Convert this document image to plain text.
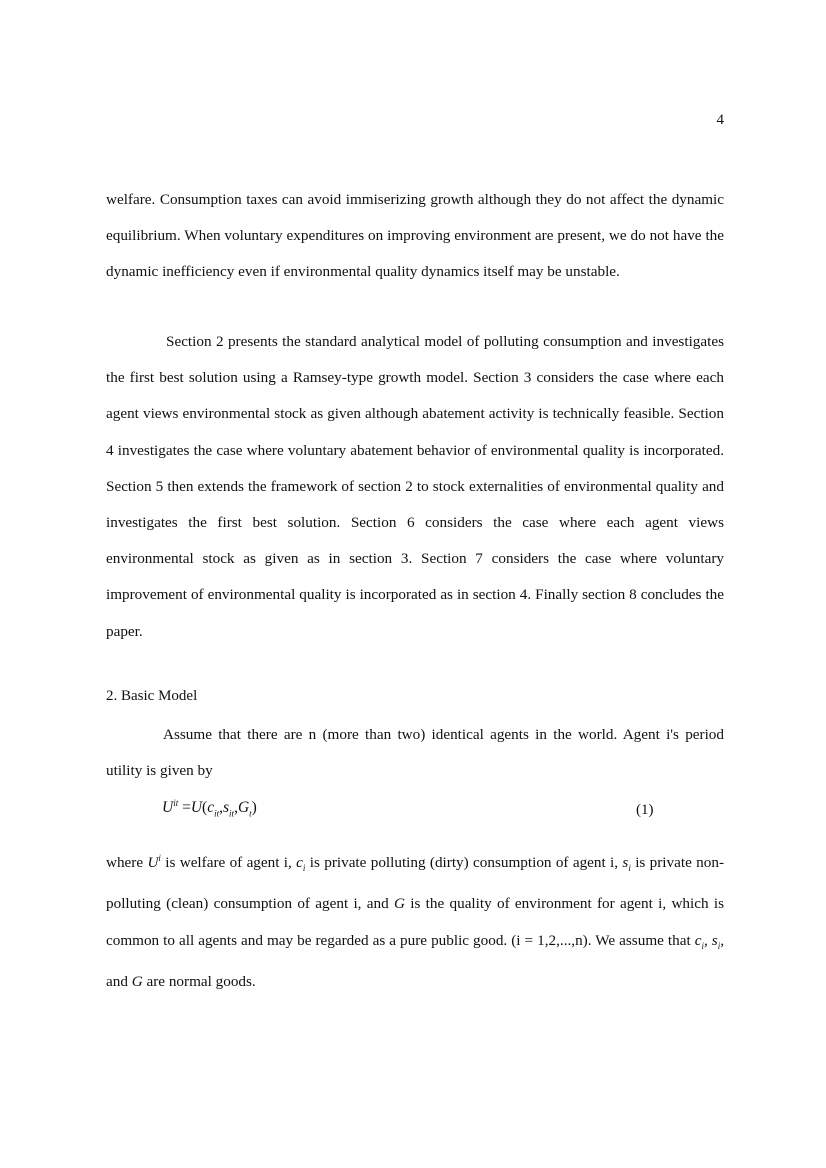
4

welfare. Consumption taxes can avoid immiserizing growth although they do not affect the dynamic equilibrium. When voluntary expenditures on improving environment are present, we do not have the dynamic inefficiency even if environmental quality dynamics itself may be unstable.

Section 2 presents the standard analytical model of polluting consumption and investigates the first best solution using a Ramsey-type growth model. Section 3 considers the case where each agent views environmental stock as given although abatement activity is technically feasible. Section 4 investigates the case where voluntary abatement behavior of environmental quality is incorporated. Section 5 then extends the framework of section 2 to stock externalities of environmental quality and investigates the first best solution. Section 6 considers the case where each agent views environmental stock as given as in section 3. Section 7 considers the case where voluntary improvement of environmental quality is incorporated as in section 4. Finally section 8 concludes the paper.

2. Basic Model

Assume that there are n (more than two) identical agents in the world. Agent i's period utility is given by

$U^{it} =U(c_{it},s_{it},G_t)$	(1)

where $U^i$ is welfare of agent i, $c_i$ is private polluting (dirty) consumption of agent i, $s_i$ is private non-polluting (clean) consumption of agent i, and G is the quality of environment for agent i, which is common to all agents and may be regarded as a pure public good. (i = 1,2,...,n). We assume that $c_i$, $s_i$, and G are normal goods.
